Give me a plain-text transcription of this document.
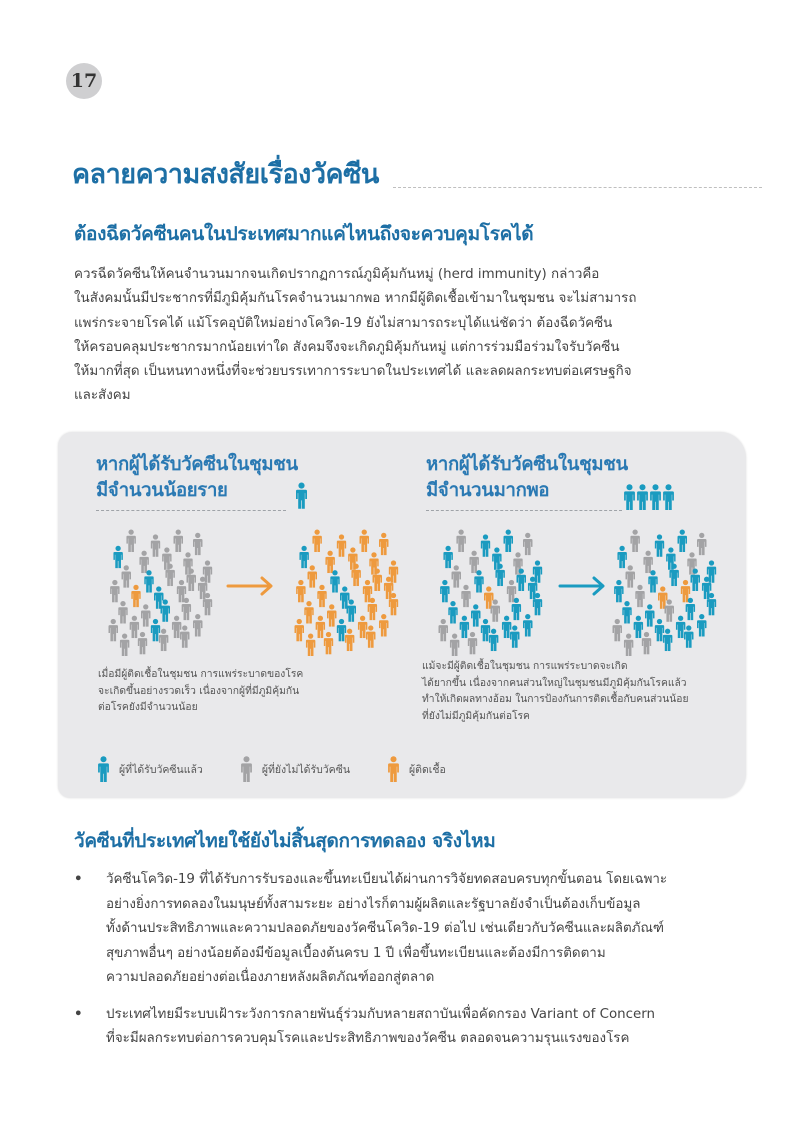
17
คลายความสงสัยเรื่องวัคซีน
ต้องฉีดวัคซีนคนในประเทศมากแค่ไหนถึงจะควบคุมโรคได้
ควรฉีดวัคซีนให้คนจำนวนมากจนเกิดปรากฏการณ์ภูมิคุ้มกันหมู่ (herd immunity) กล่าวคือ
ในสังคมนั้นมีประชากรที่มีภูมิคุ้มกันโรคจำนวนมากพอ หากมีผู้ติดเชื้อเข้ามาในชุมชน จะไม่สามารถ
แพร่กระจายโรคได้ แม้โรคอุบัติใหม่อย่างโควิด-19 ยังไม่สามารถระบุได้แน่ชัดว่า ต้องฉีดวัคซีน
ให้ครอบคลุมประชากรมากน้อยเท่าใด สังคมจึงจะเกิดภูมิคุ้มกันหมู่ แต่การร่วมมือร่วมใจรับวัคซีน
ให้มากที่สุด เป็นหนทางหนึ่งที่จะช่วยบรรเทาการระบาดในประเทศได้ และลดผลกระทบต่อเศรษฐกิจ
และสังคม
หากผู้ได้รับวัคซีนในชุมชน
มีจำนวนน้อยราย
เมื่อมีผู้ติดเชื้อในชุมชน การแพร่ระบาดของโรค
จะเกิดขึ้นอย่างรวดเร็ว เนื่องจากผู้ที่มีภูมิคุ้มกัน
ต่อโรคยังมีจำนวนน้อย
หากผู้ได้รับวัคซีนในชุมชน
มีจำนวนมากพอ
แม้จะมีผู้ติดเชื้อในชุมชน การแพร่ระบาดจะเกิด
ได้ยากขึ้น เนื่องจากคนส่วนใหญ่ในชุมชนมีภูมิคุ้มกันโรคแล้ว
ทำให้เกิดผลทางอ้อม ในการป้องกันการติดเชื้อกับคนส่วนน้อย
ที่ยังไม่มีภูมิคุ้มกันต่อโรค
ผู้ที่ได้รับวัคซีนแล้ว	ผู้ที่ยังไม่ได้รับวัคซีน	ผู้ติดเชื้อ
วัคซีนที่ประเทศไทยใช้ยังไม่สิ้นสุดการทดลอง จริงไหม
•	วัคซีนโควิด-19 ที่ได้รับการรับรองและขึ้นทะเบียนได้ผ่านการวิจัยทดสอบครบทุกขั้นตอน โดยเฉพาะ
อย่างยิ่งการทดลองในมนุษย์ทั้งสามระยะ อย่างไรก็ตามผู้ผลิตและรัฐบาลยังจำเป็นต้องเก็บข้อมูล
ทั้งด้านประสิทธิภาพและความปลอดภัยของวัคซีนโควิด-19 ต่อไป เช่นเดียวกับวัคซีนและผลิตภัณฑ์
สุขภาพอื่นๆ อย่างน้อยต้องมีข้อมูลเบื้องต้นครบ 1 ปี เพื่อขึ้นทะเบียนและต้องมีการติดตาม
ความปลอดภัยอย่างต่อเนื่องภายหลังผลิตภัณฑ์ออกสู่ตลาด
•	ประเทศไทยมีระบบเฝ้าระวังการกลายพันธุ์ร่วมกับหลายสถาบันเพื่อคัดกรอง Variant of Concern
ที่จะมีผลกระทบต่อการควบคุมโรคและประสิทธิภาพของวัคซีน ตลอดจนความรุนแรงของโรค
